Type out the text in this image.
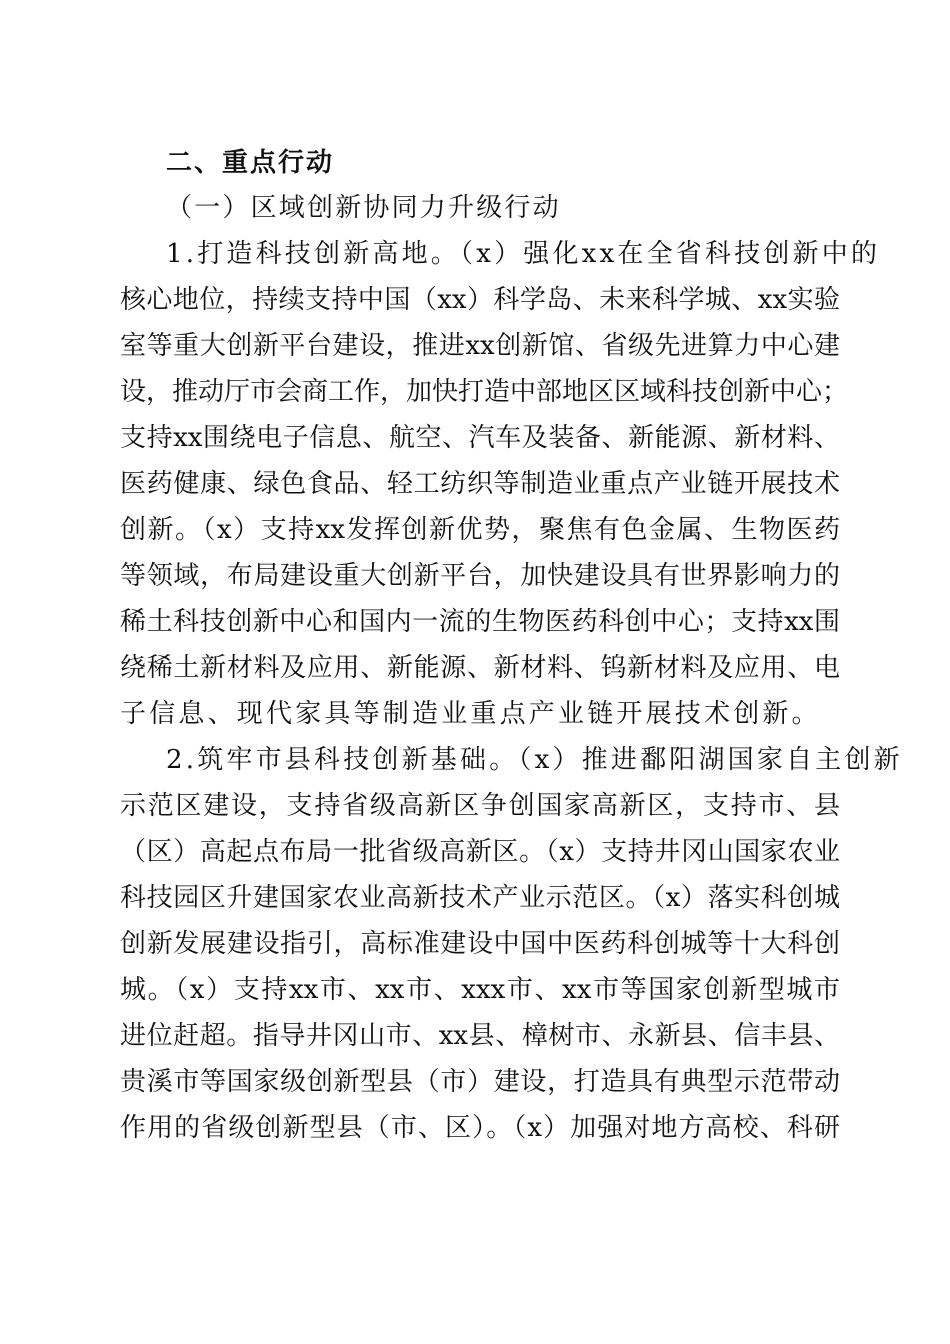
二、重点行动
（一）区域创新协同力升级行动
1.打造科技创新高地。（x）强化xx在全省科技创新中的
核心地位，持续支持中国（xx）科学岛、未来科学城、xx实验
室等重大创新平台建设，推进xx创新馆、省级先进算力中心建
设，推动厅市会商工作，加快打造中部地区区域科技创新中心；
支持xx围绕电子信息、航空、汽车及装备、新能源、新材料、
医药健康、绿色食品、轻工纺织等制造业重点产业链开展技术
创新。（x）支持xx发挥创新优势，聚焦有色金属、生物医药
等领域，布局建设重大创新平台，加快建设具有世界影响力的
稀土科技创新中心和国内一流的生物医药科创中心；支持xx围
绕稀土新材料及应用、新能源、新材料、钨新材料及应用、电
子信息、现代家具等制造业重点产业链开展技术创新。
2.筑牢市县科技创新基础。（x）推进鄱阳湖国家自主创新
示范区建设，支持省级高新区争创国家高新区，支持市、县
（区）高起点布局一批省级高新区。（x）支持井冈山国家农业
科技园区升建国家农业高新技术产业示范区。（x）落实科创城
创新发展建设指引，高标准建设中国中医药科创城等十大科创
城。（x）支持xx市、xx市、xxx市、xx市等国家创新型城市
进位赶超。指导井冈山市、xx县、樟树市、永新县、信丰县、
贵溪市等国家级创新型县（市）建设，打造具有典型示范带动
作用的省级创新型县（市、区）。（x）加强对地方高校、科研
